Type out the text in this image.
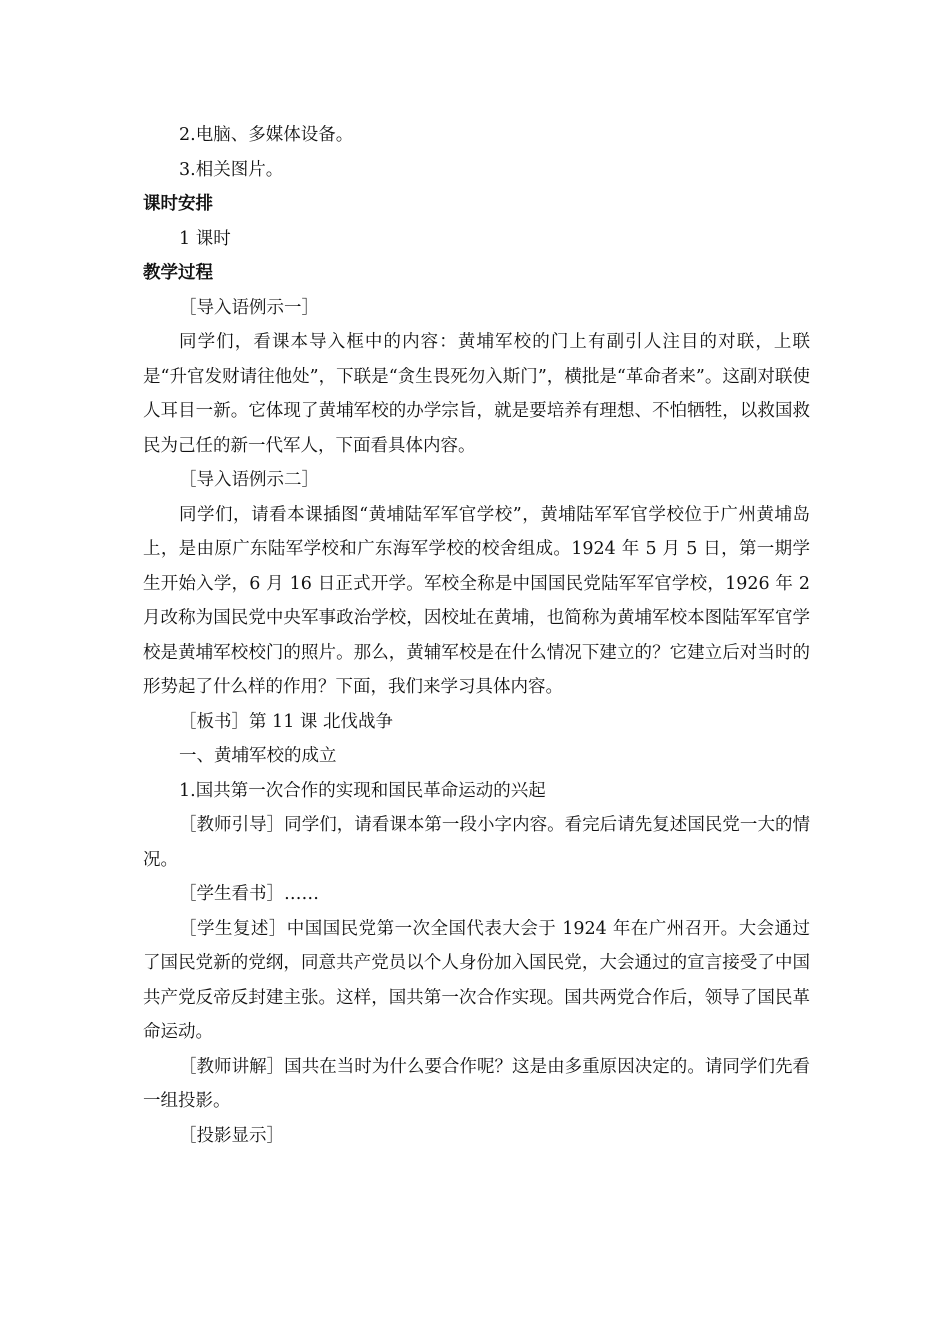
2.电脑、多媒体设备。

3.相关图片。

课时安排

1 课时

教学过程

［导入语例示一］

同学们，看课本导入框中的内容：黄埔军校的门上有副引人注目的对联，上联是“升官发财请往他处”，下联是“贪生畏死勿入斯门”，横批是“革命者来”。这副对联使人耳目一新。它体现了黄埔军校的办学宗旨，就是要培养有理想、不怕牺牲，以救国救民为己任的新一代军人，下面看具体内容。

［导入语例示二］

同学们，请看本课插图“黄埔陆军军官学校”，黄埔陆军军官学校位于广州黄埔岛上，是由原广东陆军学校和广东海军学校的校舍组成。1924 年 5 月 5 日，第一期学生开始入学，6 月 16 日正式开学。军校全称是中国国民党陆军军官学校，1926 年 2 月改称为国民党中央军事政治学校，因校址在黄埔，也简称为黄埔军校本图陆军军官学校是黄埔军校校门的照片。那么，黄辅军校是在什么情况下建立的？它建立后对当时的形势起了什么样的作用？下面，我们来学习具体内容。

［板书］第 11 课 北伐战争

一、黄埔军校的成立

1.国共第一次合作的实现和国民革命运动的兴起

［教师引导］同学们，请看课本第一段小字内容。看完后请先复述国民党一大的情况。

［学生看书］……

［学生复述］中国国民党第一次全国代表大会于 1924 年在广州召开。大会通过了国民党新的党纲，同意共产党员以个人身份加入国民党，大会通过的宣言接受了中国共产党反帝反封建主张。这样，国共第一次合作实现。国共两党合作后，领导了国民革命运动。

［教师讲解］国共在当时为什么要合作呢？这是由多重原因决定的。请同学们先看一组投影。

［投影显示］
